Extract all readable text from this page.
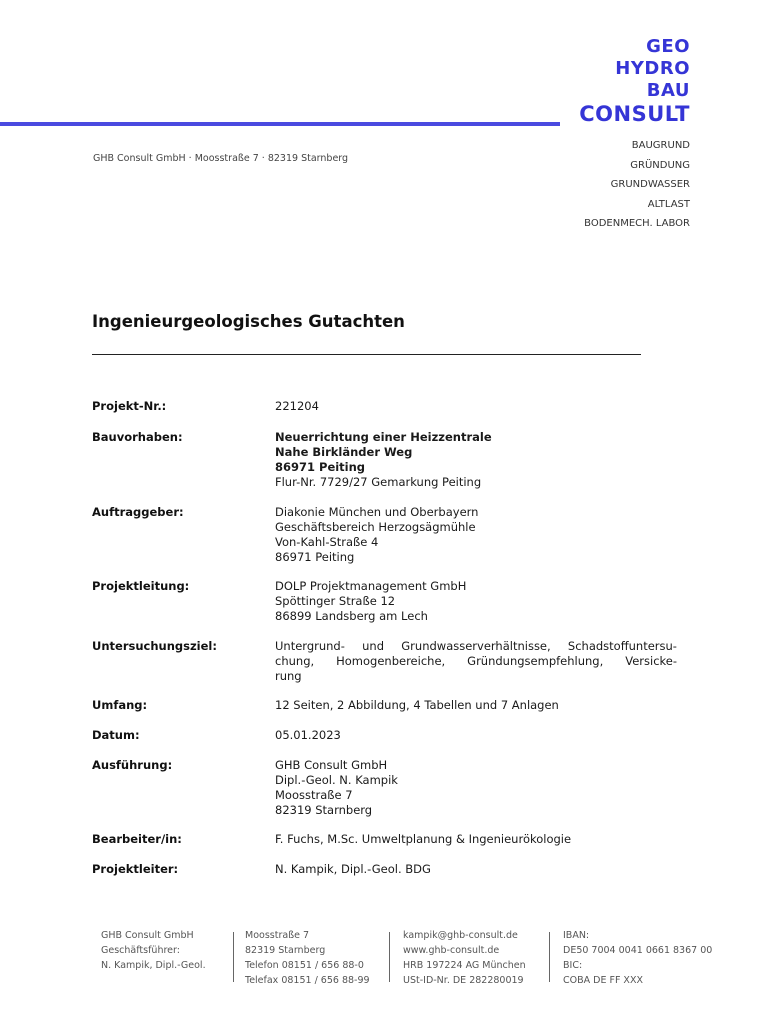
GEO
HYDRO
BAU
CONSULT
GHB Consult GmbH · Moosstraße 7 · 82319 Starnberg
BAUGRUND
GRÜNDUNG
GRUNDWASSER
ALTLAST
BODENMECH. LABOR
Ingenieurgeologisches Gutachten
Projekt-Nr.:	221204
Bauvorhaben:	Neuerrichtung einer Heizzentrale
Nahe Birkländer Weg
86971 Peiting
Flur-Nr. 7729/27 Gemarkung Peiting
Auftraggeber:	Diakonie München und Oberbayern
Geschäftsbereich Herzogsägmühle
Von-Kahl-Straße 4
86971 Peiting
Projektleitung:	DOLP Projektmanagement GmbH
Spöttinger Straße 12
86899 Landsberg am Lech
Untersuchungsziel:	Untergrund- und Grundwasserverhältnisse, Schadstoffuntersu-
chung, Homogenbereiche, Gründungsempfehlung, Versicke-
rung
Umfang:	12 Seiten, 2 Abbildung, 4 Tabellen und 7 Anlagen
Datum:	05.01.2023
Ausführung:	GHB Consult GmbH
Dipl.-Geol. N. Kampik
Moosstraße 7
82319 Starnberg
Bearbeiter/in:	F. Fuchs, M.Sc. Umweltplanung & Ingenieurökologie
Projektleiter:	N. Kampik, Dipl.-Geol. BDG
GHB Consult GmbH
Geschäftsführer:
N. Kampik, Dipl.-Geol.
Moosstraße 7
82319 Starnberg
Telefon 08151 / 656 88-0
Telefax 08151 / 656 88-99
kampik@ghb-consult.de
www.ghb-consult.de
HRB 197224 AG München
USt-ID-Nr. DE 282280019
IBAN:
DE50 7004 0041 0661 8367 00
BIC:
COBA DE FF XXX
